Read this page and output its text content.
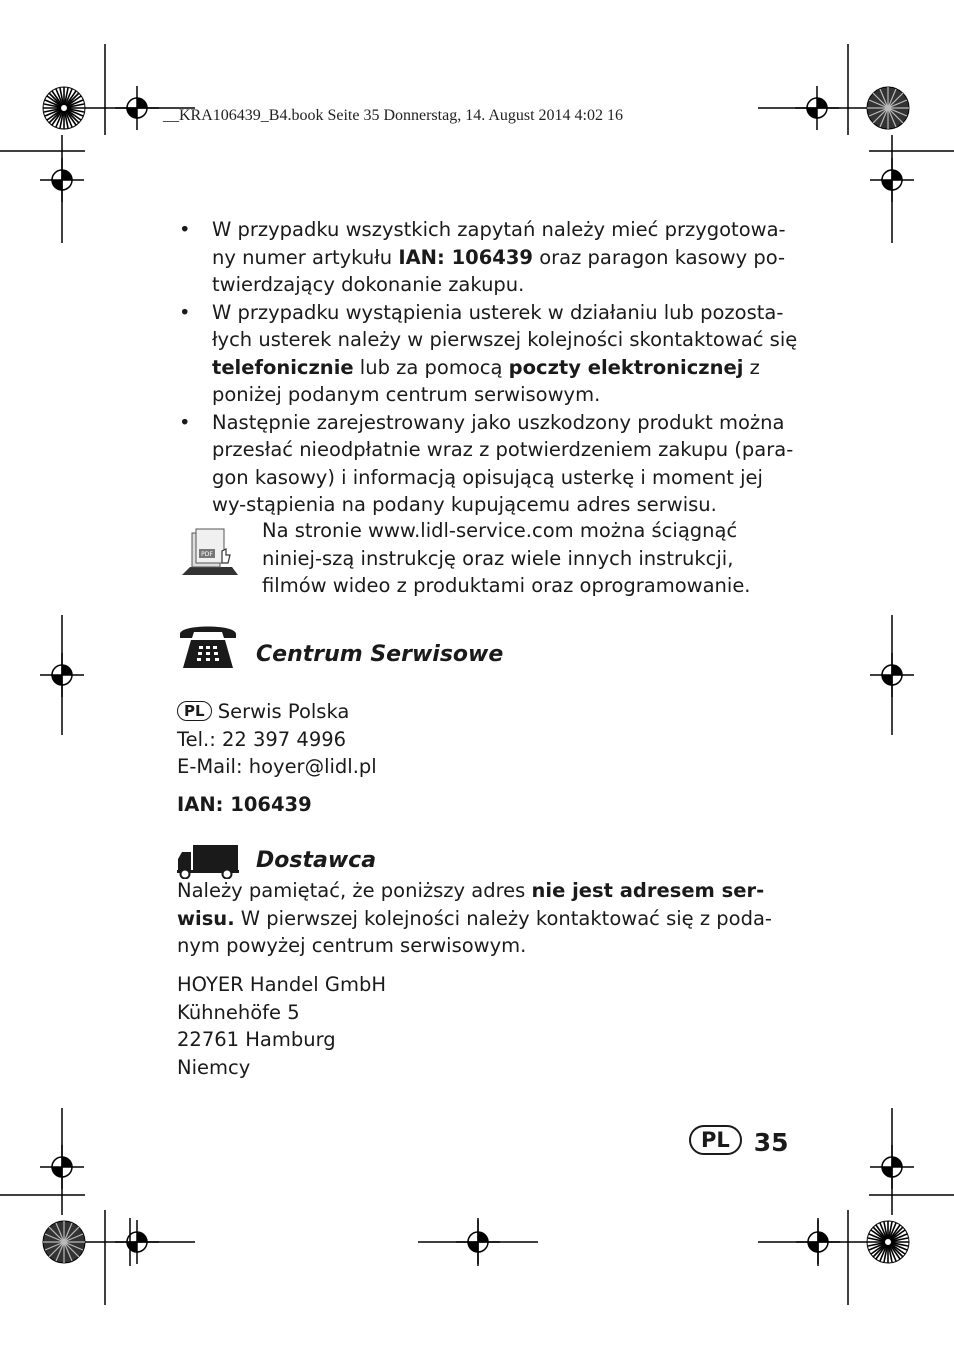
__KRA106439_B4.book Seite 35 Donnerstag, 14. August 2014 4:02 16
• W przypadku wszystkich zapytań należy mieć przygotowa-ny numer artykułu IAN: 106439 oraz paragon kasowy po-twierdzający dokonanie zakupu.
• W przypadku wystąpienia usterek w działaniu lub pozosta-łych usterek należy w pierwszej kolejności skontaktować się telefonicznie lub za pomocą poczty elektronicznej z poniżej podanym centrum serwisowym.
• Następnie zarejestrowany jako uszkodzony produkt można przesłać nieodpłatnie wraz z potwierdzeniem zakupu (para-gon kasowy) i informacją opisującą usterkę i moment jej wy-stąpienia na podany kupującemu adres serwisu.
PDF
Na stronie www.lidl-service.com można ściągnąć niniej-szą instrukcję oraz wiele innych instrukcji, filmów wideo z produktami oraz oprogramowanie.
Centrum Serwisowe
PL Serwis Polska
Tel.: 22 397 4996
E-Mail: hoyer@lidl.pl
IAN: 106439
Dostawca
Należy pamiętać, że poniższy adres nie jest adresem ser-wisu. W pierwszej kolejności należy kontaktować się z poda-nym powyżej centrum serwisowym.
HOYER Handel GmbH
Kühnehöfe 5
22761 Hamburg
Niemcy
PL 35
